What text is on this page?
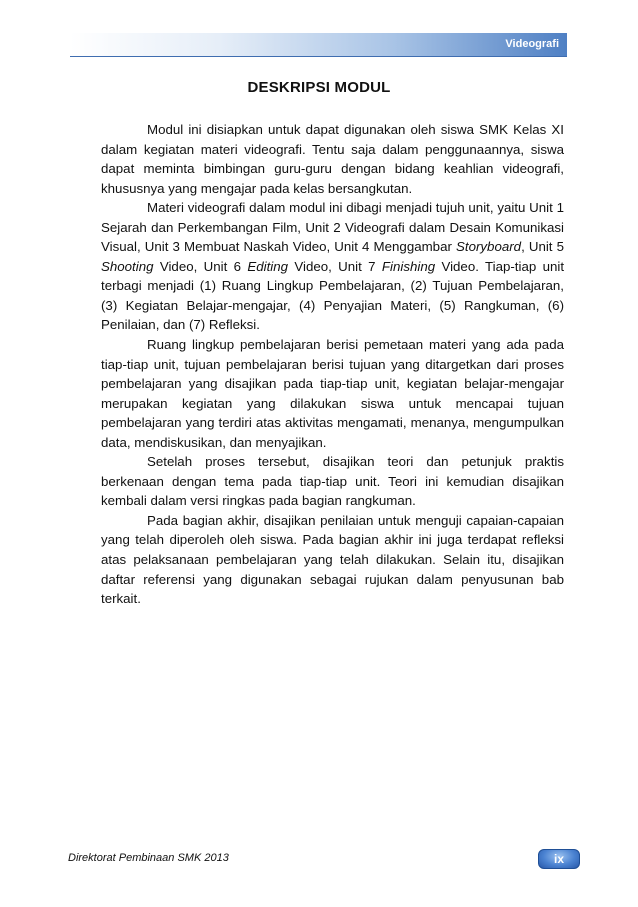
Videografi
DESKRIPSI MODUL

Modul ini disiapkan untuk dapat digunakan oleh siswa SMK Kelas XI dalam kegiatan materi videografi. Tentu saja dalam penggunaannya, siswa dapat meminta bimbingan guru-guru dengan bidang keahlian videografi, khususnya yang mengajar pada kelas bersangkutan.

Materi videografi dalam modul ini dibagi menjadi tujuh unit, yaitu Unit 1 Sejarah dan Perkembangan Film, Unit 2 Videografi dalam Desain Komunikasi Visual, Unit 3 Membuat Naskah Video, Unit 4 Menggambar Storyboard, Unit 5 Shooting Video, Unit 6 Editing Video, Unit 7 Finishing Video. Tiap-tiap unit terbagi menjadi (1) Ruang Lingkup Pembelajaran, (2) Tujuan Pembelajaran, (3) Kegiatan Belajar-mengajar, (4) Penyajian Materi, (5) Rangkuman, (6) Penilaian, dan (7) Refleksi.

Ruang lingkup pembelajaran berisi pemetaan materi yang ada pada tiap-tiap unit, tujuan pembelajaran berisi tujuan yang ditargetkan dari proses pembelajaran yang disajikan pada tiap-tiap unit, kegiatan belajar-mengajar merupakan kegiatan yang dilakukan siswa untuk mencapai tujuan pembelajaran yang terdiri atas aktivitas mengamati, menanya, mengumpulkan data, mendiskusikan, dan menyajikan.

Setelah proses tersebut, disajikan teori dan petunjuk praktis berkenaan dengan tema pada tiap-tiap unit. Teori ini kemudian disajikan kembali dalam versi ringkas pada bagian rangkuman.

Pada bagian akhir, disajikan penilaian untuk menguji capaian-capaian yang telah diperoleh oleh siswa. Pada bagian akhir ini juga terdapat refleksi atas pelaksanaan pembelajaran yang telah dilakukan. Selain itu, disajikan daftar referensi yang digunakan sebagai rujukan dalam penyusunan bab terkait.

Direktorat Pembinaan SMK 2013	ix
